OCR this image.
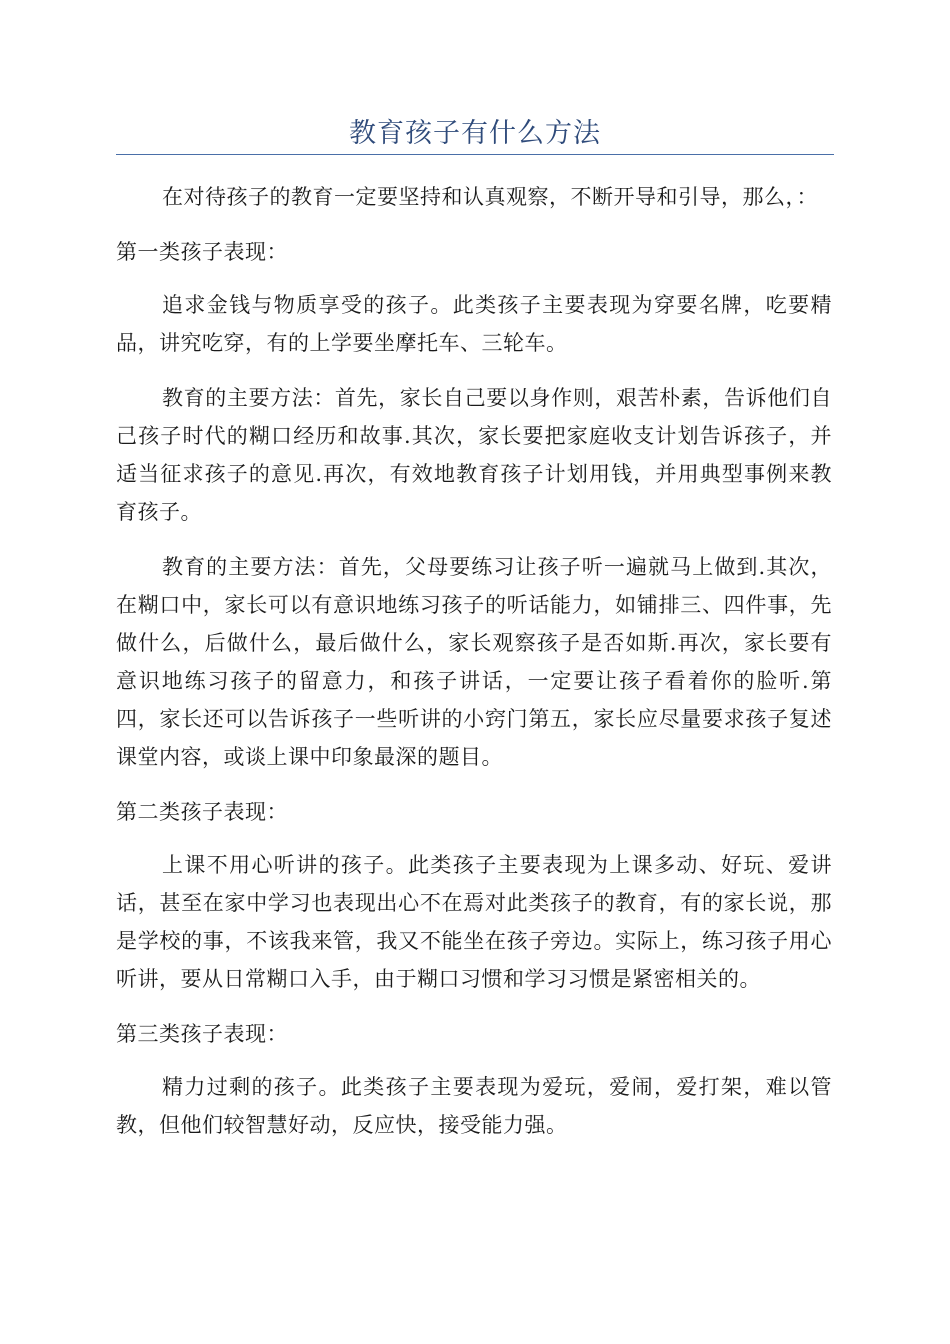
教育孩子有什么方法

在对待孩子的教育一定要坚持和认真观察，不断开导和引导，那么，：

第一类孩子表现：

追求金钱与物质享受的孩子。此类孩子主要表现为穿要名牌，吃要精品，讲究吃穿，有的上学要坐摩托车、三轮车。

教育的主要方法：首先，家长自己要以身作则，艰苦朴素，告诉他们自己孩子时代的糊口经历和故事.其次，家长要把家庭收支计划告诉孩子，并适当征求孩子的意见.再次，有效地教育孩子计划用钱，并用典型事例来教育孩子。

教育的主要方法：首先，父母要练习让孩子听一遍就马上做到.其次，在糊口中，家长可以有意识地练习孩子的听话能力，如铺排三、四件事，先做什么，后做什么，最后做什么，家长观察孩子是否如斯.再次，家长要有意识地练习孩子的留意力，和孩子讲话，一定要让孩子看着你的脸听.第四，家长还可以告诉孩子一些听讲的小窍门第五，家长应尽量要求孩子复述课堂内容，或谈上课中印象最深的题目。

第二类孩子表现：

上课不用心听讲的孩子。此类孩子主要表现为上课多动、好玩、爱讲话，甚至在家中学习也表现出心不在焉对此类孩子的教育，有的家长说，那是学校的事，不该我来管，我又不能坐在孩子旁边。实际上，练习孩子用心听讲，要从日常糊口入手，由于糊口习惯和学习习惯是紧密相关的。

第三类孩子表现：

精力过剩的孩子。此类孩子主要表现为爱玩，爱闹，爱打架，难以管教，但他们较智慧好动，反应快，接受能力强。
